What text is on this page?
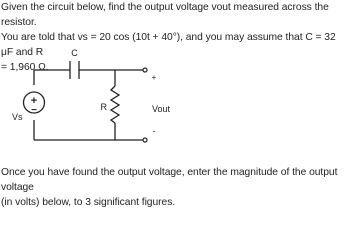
Given the circuit below, find the output voltage vout measured across the resistor.
You are told that vs = 20 cos (10t + 40°), and you may assume that C = 32 μF and R
= 1,960 Ω.
+
−
C
R
Vs
+
Vout
-
Once you have found the output voltage, enter the magnitude of the output voltage
(in volts) below, to 3 significant figures.
